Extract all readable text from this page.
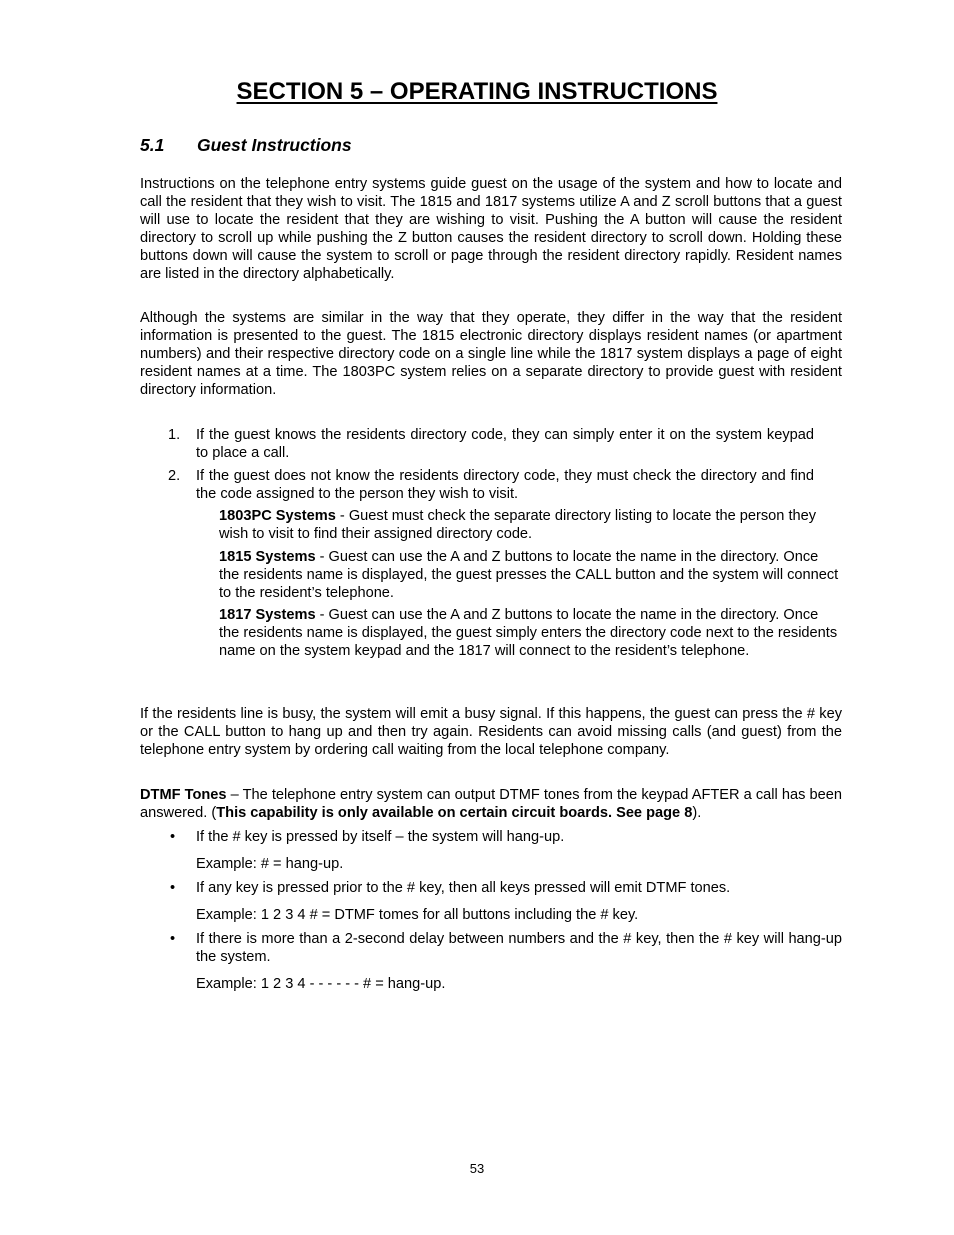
SECTION 5 – OPERATING INSTRUCTIONS
5.1 Guest Instructions

Instructions on the telephone entry systems guide guest on the usage of the system and how to locate and call the resident that they wish to visit. The 1815 and 1817 systems utilize A and Z scroll buttons that a guest will use to locate the resident that they are wishing to visit. Pushing the A button will cause the resident directory to scroll up while pushing the Z button causes the resident directory to scroll down. Holding these buttons down will cause the system to scroll or page through the resident directory rapidly. Resident names are listed in the directory alphabetically.

Although the systems are similar in the way that they operate, they differ in the way that the resident information is presented to the guest. The 1815 electronic directory displays resident names (or apartment numbers) and their respective directory code on a single line while the 1817 system displays a page of eight resident names at a time. The 1803PC system relies on a separate directory to provide guest with resident directory information.

1. If the guest knows the residents directory code, they can simply enter it on the system keypad to place a call.
2. If the guest does not know the residents directory code, they must check the directory and find the code assigned to the person they wish to visit.

1803PC Systems - Guest must check the separate directory listing to locate the person they wish to visit to find their assigned directory code.

1815 Systems - Guest can use the A and Z buttons to locate the name in the directory. Once the residents name is displayed, the guest presses the CALL button and the system will connect to the resident’s telephone.

1817 Systems - Guest can use the A and Z buttons to locate the name in the directory. Once the residents name is displayed, the guest simply enters the directory code next to the residents name on the system keypad and the 1817 will connect to the resident’s telephone.

If the residents line is busy, the system will emit a busy signal. If this happens, the guest can press the # key or the CALL button to hang up and then try again. Residents can avoid missing calls (and guest) from the telephone entry system by ordering call waiting from the local telephone company.

DTMF Tones – The telephone entry system can output DTMF tones from the keypad AFTER a call has been answered. (This capability is only available on certain circuit boards. See page 8).

• If the # key is pressed by itself – the system will hang-up.

Example: # = hang-up.

• If any key is pressed prior to the # key, then all keys pressed will emit DTMF tones.

Example: 1 2 3 4 # = DTMF tomes for all buttons including the # key.

• If there is more than a 2-second delay between numbers and the # key, then the # key will hang-up the system.

Example: 1 2 3 4 - - - - - - # = hang-up.

53
